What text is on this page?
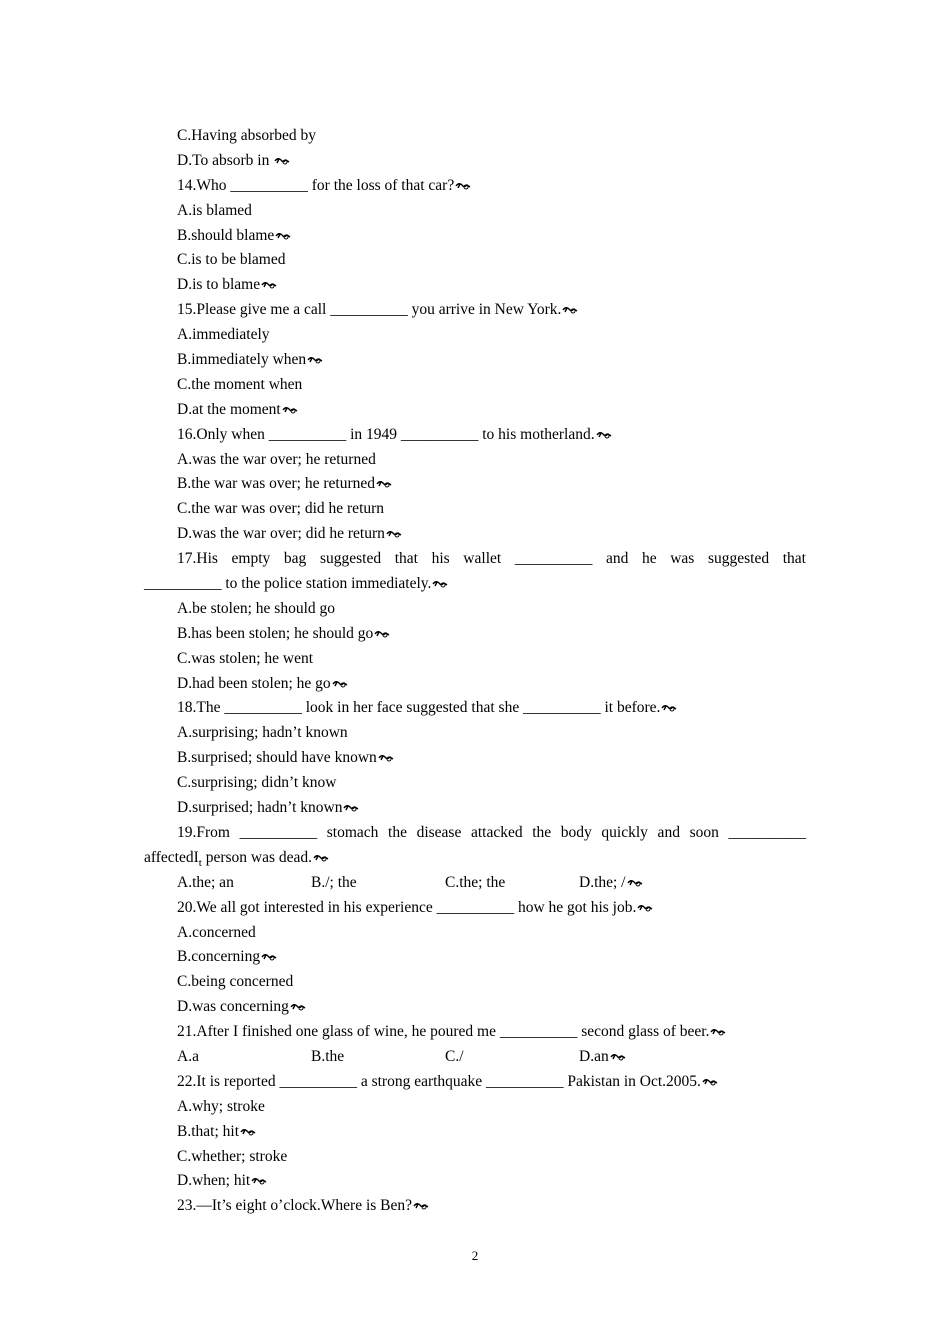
C.Having absorbed by
D.To absorb in
14.Who __________ for the loss of that car?
A.is blamed
B.should blame
C.is to be blamed
D.is to blame
15.Please give me a call __________ you arrive in New York.
A.immediately
B.immediately when
C.the moment when
D.at the moment
16.Only when __________ in 1949 __________ to his motherland.
A.was the war over; he returned
B.the war was over; he returned
C.the war was over; did he return
D.was the war over; did he return
17.His empty bag suggested that his wallet __________ and he was suggested that
__________ to the police station immediately.
A.be stolen; he should go
B.has been stolen; he should go
C.was stolen; he went
D.had been stolen; he go
18.The __________ look in her face suggested that she __________ it before.
A.surprising; hadn’t known
B.surprised; should have known
C.surprising; didn’t know
D.surprised; hadn’t known
19.From __________ stomach the disease attacked the body quickly and soon __________
affectedI$_t$ person was dead.
A.the; an	B./; the	C.the; the	D.the; /
20.We all got interested in his experience __________ how he got his job.
A.concerned
B.concerning
C.being concerned
D.was concerning
21.After I finished one glass of wine, he poured me __________ second glass of beer.
A.a	B.the	C./	D.an
22.It is reported __________ a strong earthquake __________ Pakistan in Oct.2005.
A.why; stroke
B.that; hit
C.whether; stroke
D.when; hit
23.—It’s eight o’clock.Where is Ben?
2
